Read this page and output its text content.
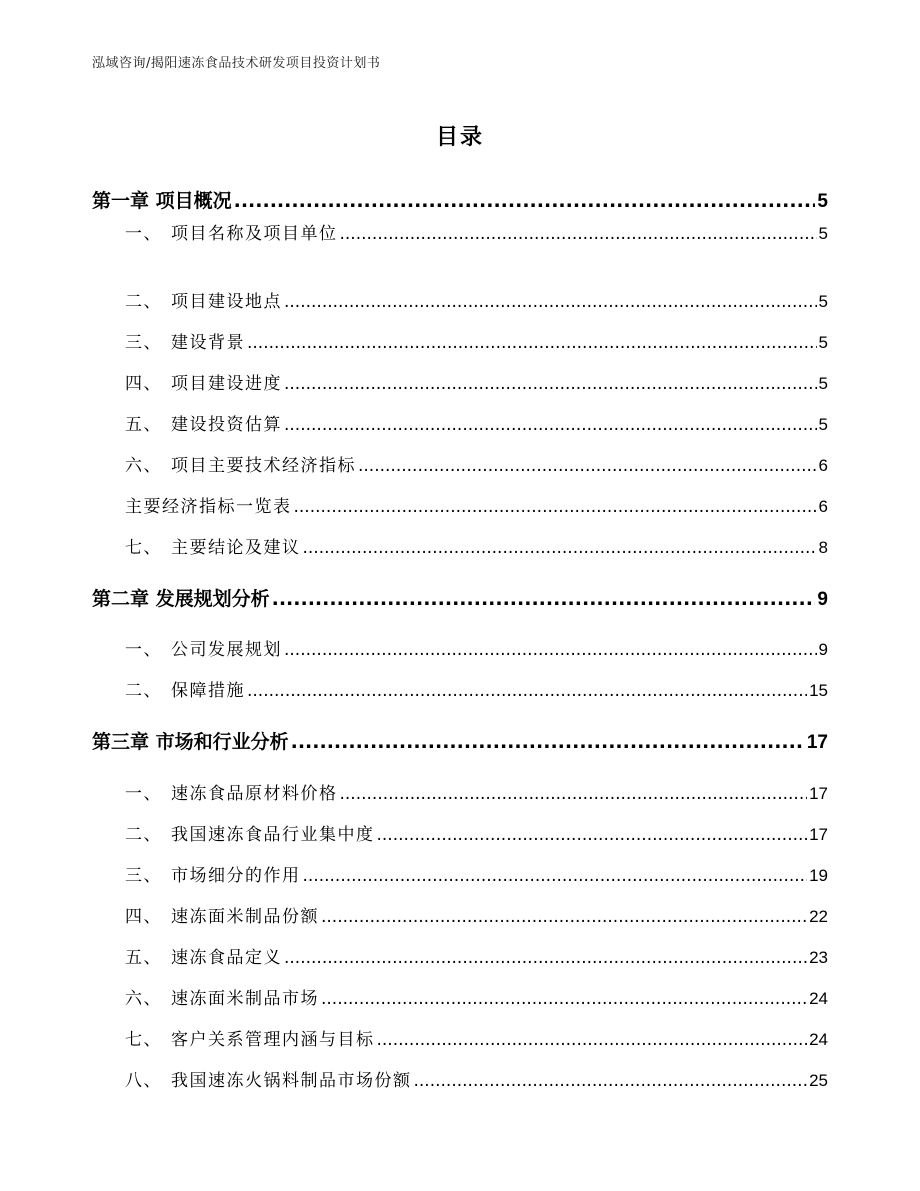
泓域咨询/揭阳速冻食品技术研发项目投资计划书
目录
第一章 项目概况 .....	5
一、 项目名称及项目单位 .....	5
二、 项目建设地点 .....	5
三、 建设背景 .....	5
四、 项目建设进度 .....	5
五、 建设投资估算 .....	5
六、 项目主要技术经济指标 .....	6
主要经济指标一览表 .....	6
七、 主要结论及建议 .....	8
第二章 发展规划分析 .....	9
一、 公司发展规划 .....	9
二、 保障措施 .....	15
第三章 市场和行业分析 .....	17
一、 速冻食品原材料价格 .....	17
二、 我国速冻食品行业集中度 .....	17
三、 市场细分的作用 .....	19
四、 速冻面米制品份额 .....	22
五、 速冻食品定义 .....	23
六、 速冻面米制品市场 .....	24
七、 客户关系管理内涵与目标 .....	24
八、 我国速冻火锅料制品市场份额 .....	25
